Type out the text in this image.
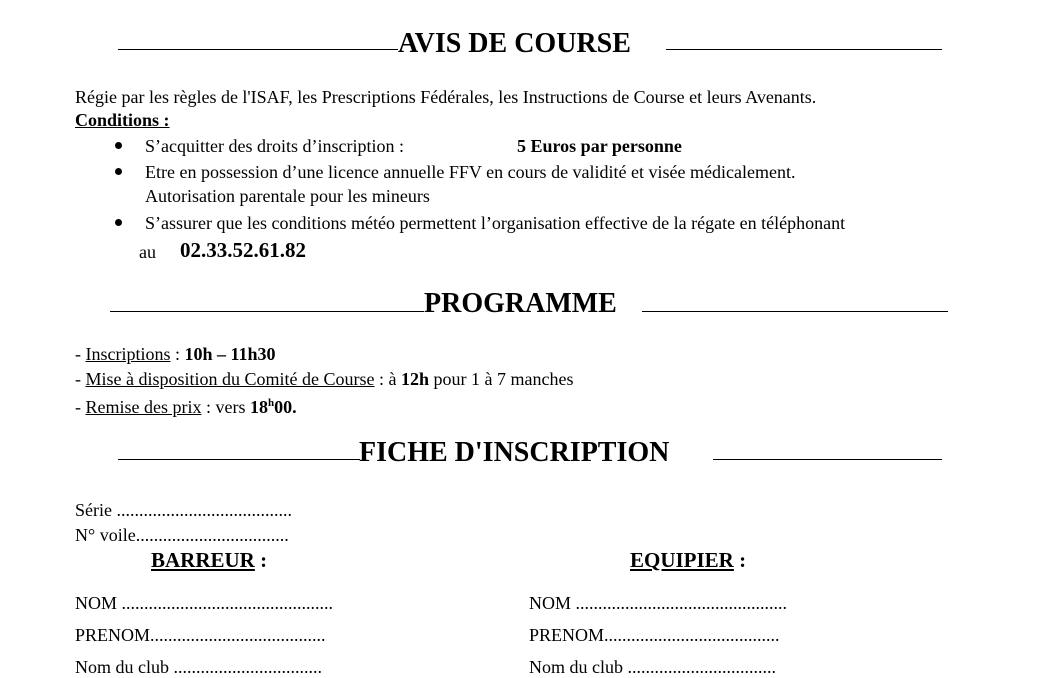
AVIS DE COURSE
Régie par les règles de l'ISAF, les Prescriptions Fédérales, les Instructions de Course et leurs Avenants.
Conditions :
S’acquitter des droits d’inscription :	5 Euros par personne
Etre en possession d’une licence annuelle FFV en cours de validité et visée médicalement.
Autorisation parentale pour les mineurs
S’assurer que les conditions météo permettent l’organisation effective de la régate en téléphonant
au 02.33.52.61.82
PROGRAMME
- Inscriptions : 10h – 11h30
- Mise à disposition du Comité de Course : à 12h pour 1 à 7 manches
- Remise des prix : vers 18$^h$00.
FICHE D'INSCRIPTION
Série .......................................
N° voile..................................
BARREUR :
NOM ...............................................
PRENOM.......................................
Nom du club .................................
EQUIPIER :
NOM ...............................................
PRENOM.......................................
Nom du club .................................
